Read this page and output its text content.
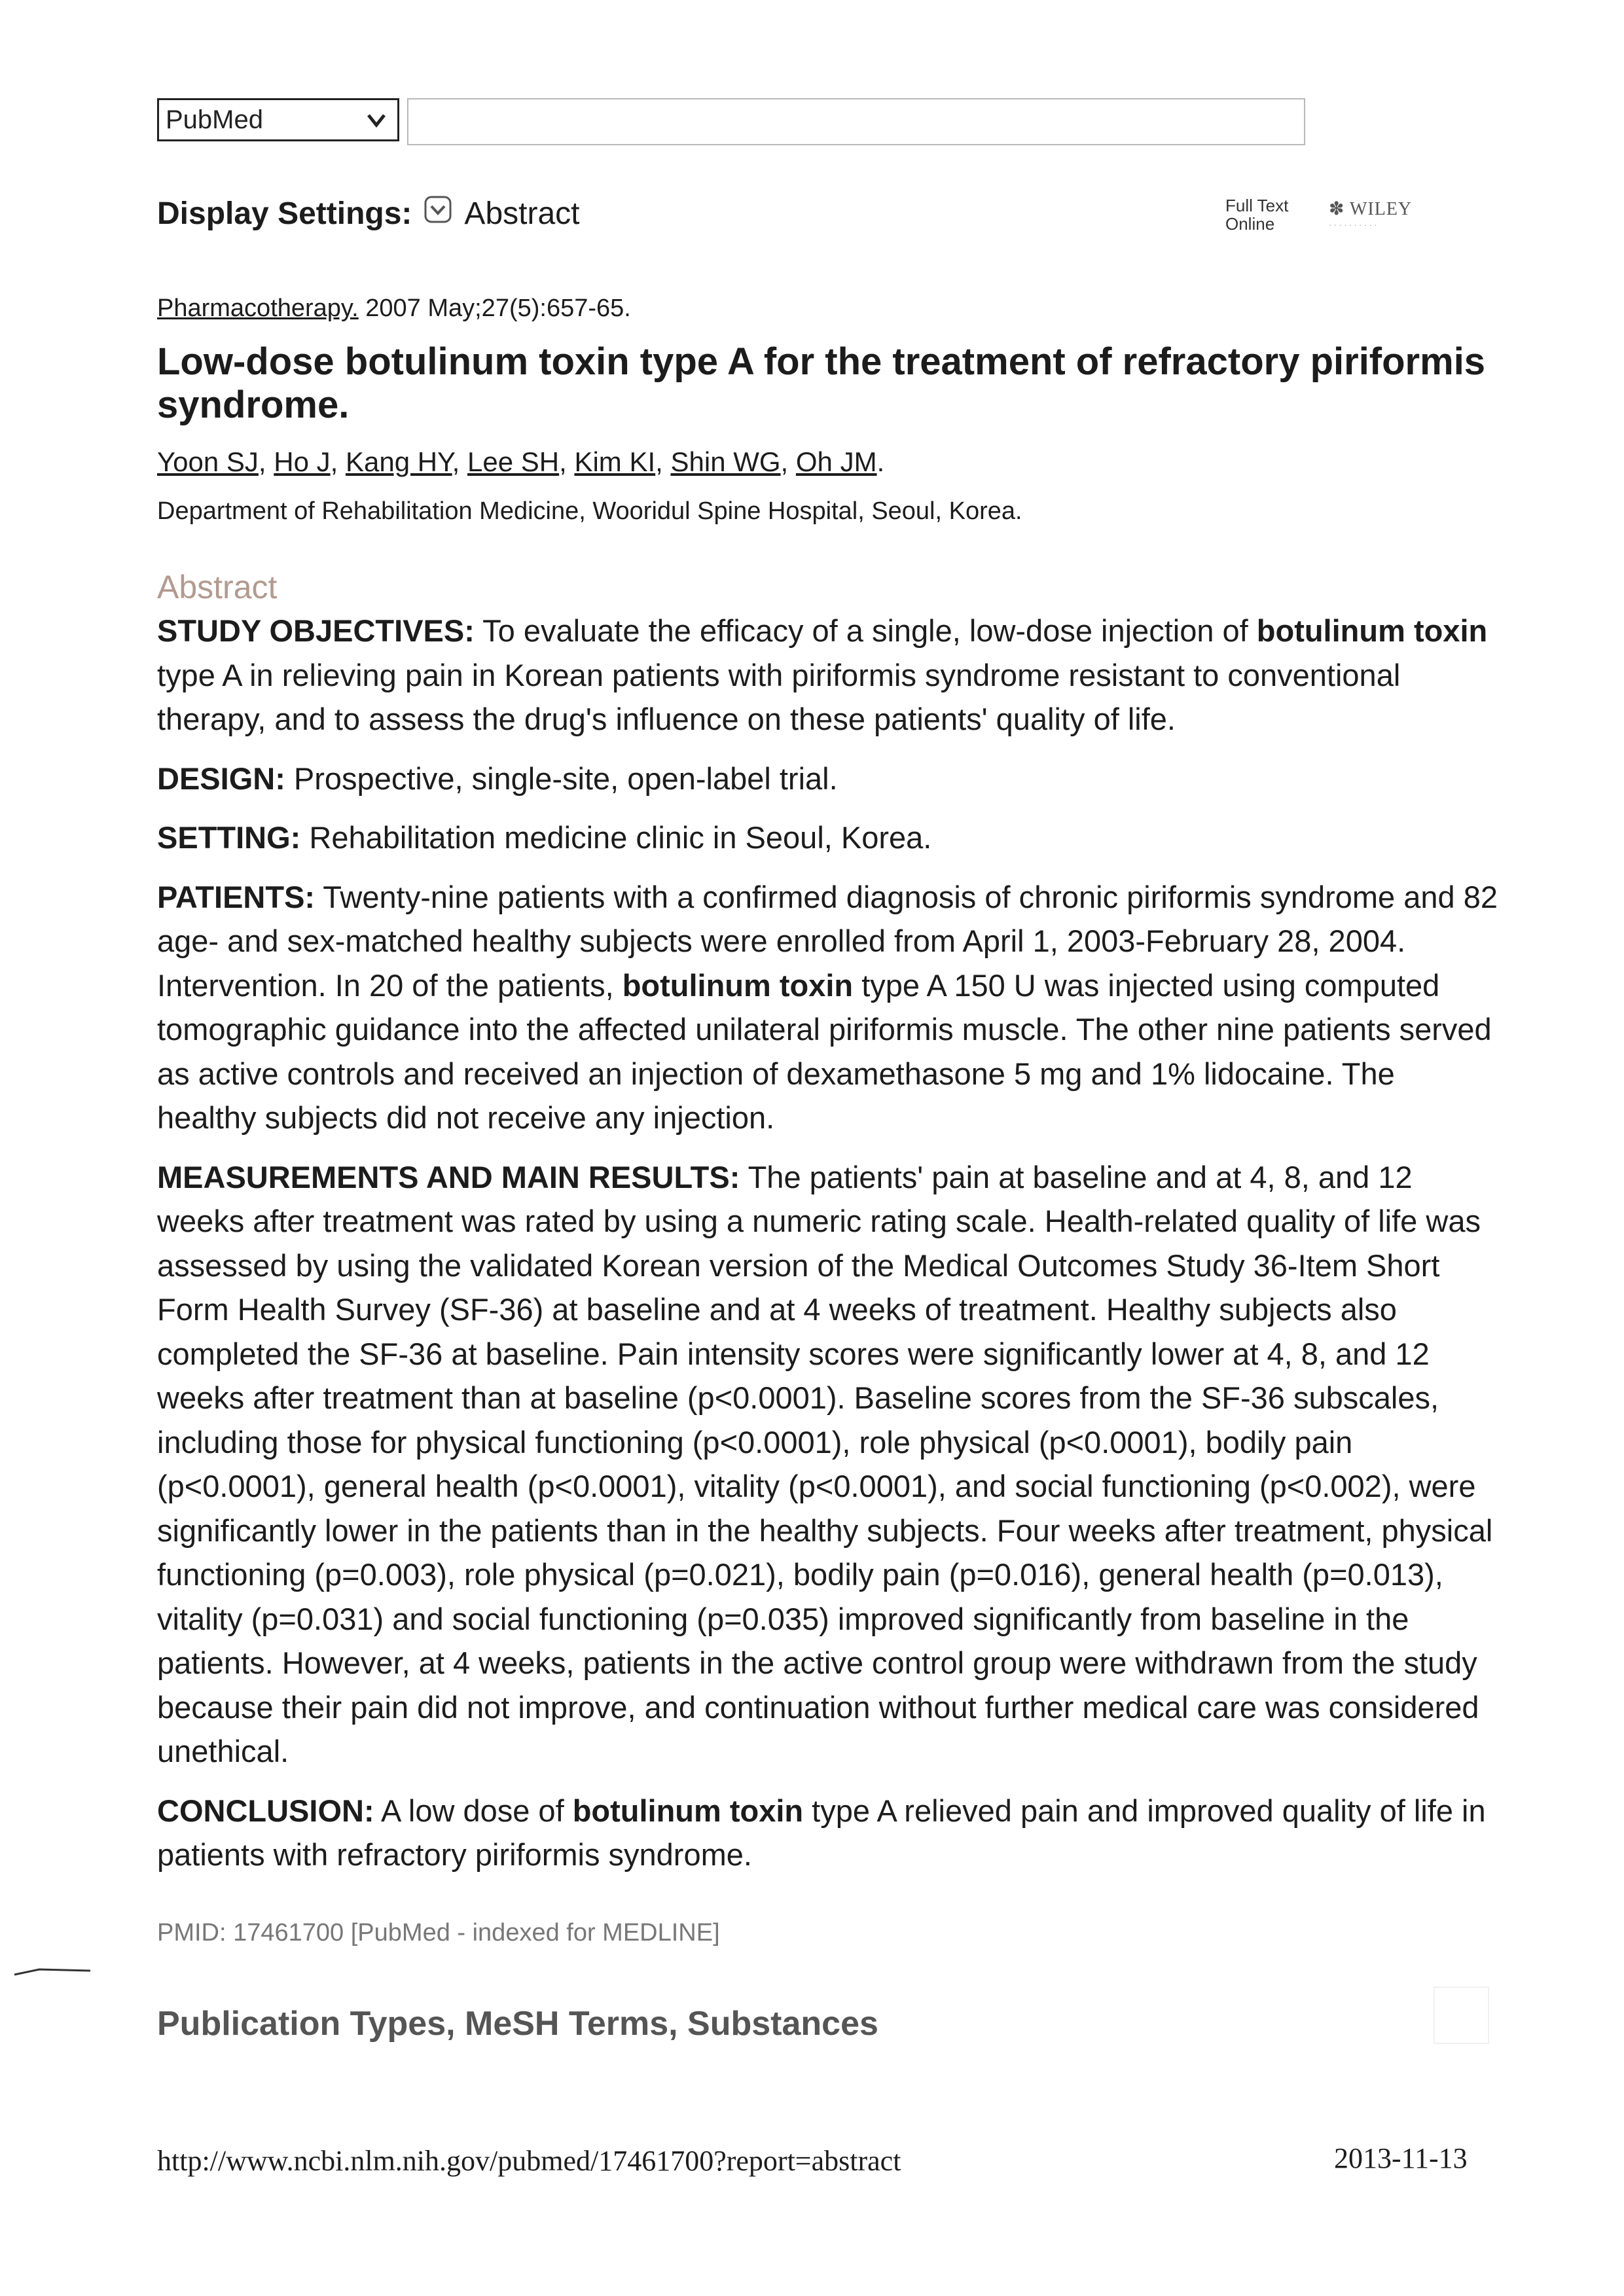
PubMed
Display Settings: Abstract	Full Text
Online
✽ WILEY
··········
Pharmacotherapy. 2007 May;27(5):657-65.
Low-dose botulinum toxin type A for the treatment of refractory piriformis syndrome.
Yoon SJ, Ho J, Kang HY, Lee SH, Kim KI, Shin WG, Oh JM.
Department of Rehabilitation Medicine, Wooridul Spine Hospital, Seoul, Korea.
Abstract

STUDY OBJECTIVES: To evaluate the efficacy of a single, low-dose injection of botulinum toxin type A in relieving pain in Korean patients with piriformis syndrome resistant to conventional therapy, and to assess the drug's influence on these patients' quality of life.

DESIGN: Prospective, single-site, open-label trial.

SETTING: Rehabilitation medicine clinic in Seoul, Korea.

PATIENTS: Twenty-nine patients with a confirmed diagnosis of chronic piriformis syndrome and 82 age- and sex-matched healthy subjects were enrolled from April 1, 2003-February 28, 2004. Intervention. In 20 of the patients, botulinum toxin type A 150 U was injected using computed tomographic guidance into the affected unilateral piriformis muscle. The other nine patients served as active controls and received an injection of dexamethasone 5 mg and 1% lidocaine. The healthy subjects did not receive any injection.

MEASUREMENTS AND MAIN RESULTS: The patients' pain at baseline and at 4, 8, and 12 weeks after treatment was rated by using a numeric rating scale. Health-related quality of life was assessed by using the validated Korean version of the Medical Outcomes Study 36-Item Short Form Health Survey (SF-36) at baseline and at 4 weeks of treatment. Healthy subjects also completed the SF-36 at baseline. Pain intensity scores were significantly lower at 4, 8, and 12 weeks after treatment than at baseline (p<0.0001). Baseline scores from the SF-36 subscales, including those for physical functioning (p<0.0001), role physical (p<0.0001), bodily pain (p<0.0001), general health (p<0.0001), vitality (p<0.0001), and social functioning (p<0.002), were significantly lower in the patients than in the healthy subjects. Four weeks after treatment, physical functioning (p=0.003), role physical (p=0.021), bodily pain (p=0.016), general health (p=0.013), vitality (p=0.031) and social functioning (p=0.035) improved significantly from baseline in the patients. However, at 4 weeks, patients in the active control group were withdrawn from the study because their pain did not improve, and continuation without further medical care was considered unethical.

CONCLUSION: A low dose of botulinum toxin type A relieved pain and improved quality of life in patients with refractory piriformis syndrome.

PMID: 17461700 [PubMed - indexed for MEDLINE]
Publication Types, MeSH Terms, Substances
http://www.ncbi.nlm.nih.gov/pubmed/17461700?report=abstract	2013-11-13
